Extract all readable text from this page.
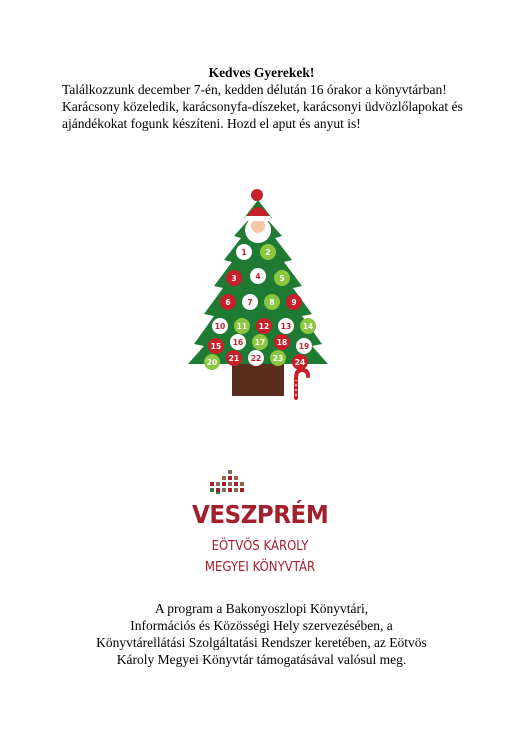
Kedves Gyerekek!
Találkozzunk december 7-én, kedden délután 16 órakor a könyvtárban! Karácsony közeledik, karácsonyfa-díszeket, karácsonyi üdvözlőlapokat és ajándékokat fogunk készíteni. Hozd el aput és anyut is!
✻	✻
✻	✻
1	2
3	4	5
6 7 8 9
10 11 12 13 14
15 16 17 18 19
20 21 22 23 24
VESZPRÉM
EÖTVÖS KÁROLY
MEGYEI KÖNYVTÁR
A program a Bakonyoszlopi Könyvtári,
Információs és Közösségi Hely szervezésében, a
Könyvtárellátási Szolgáltatási Rendszer keretében, az Eötvös
Károly Megyei Könyvtár támogatásával valósul meg.
